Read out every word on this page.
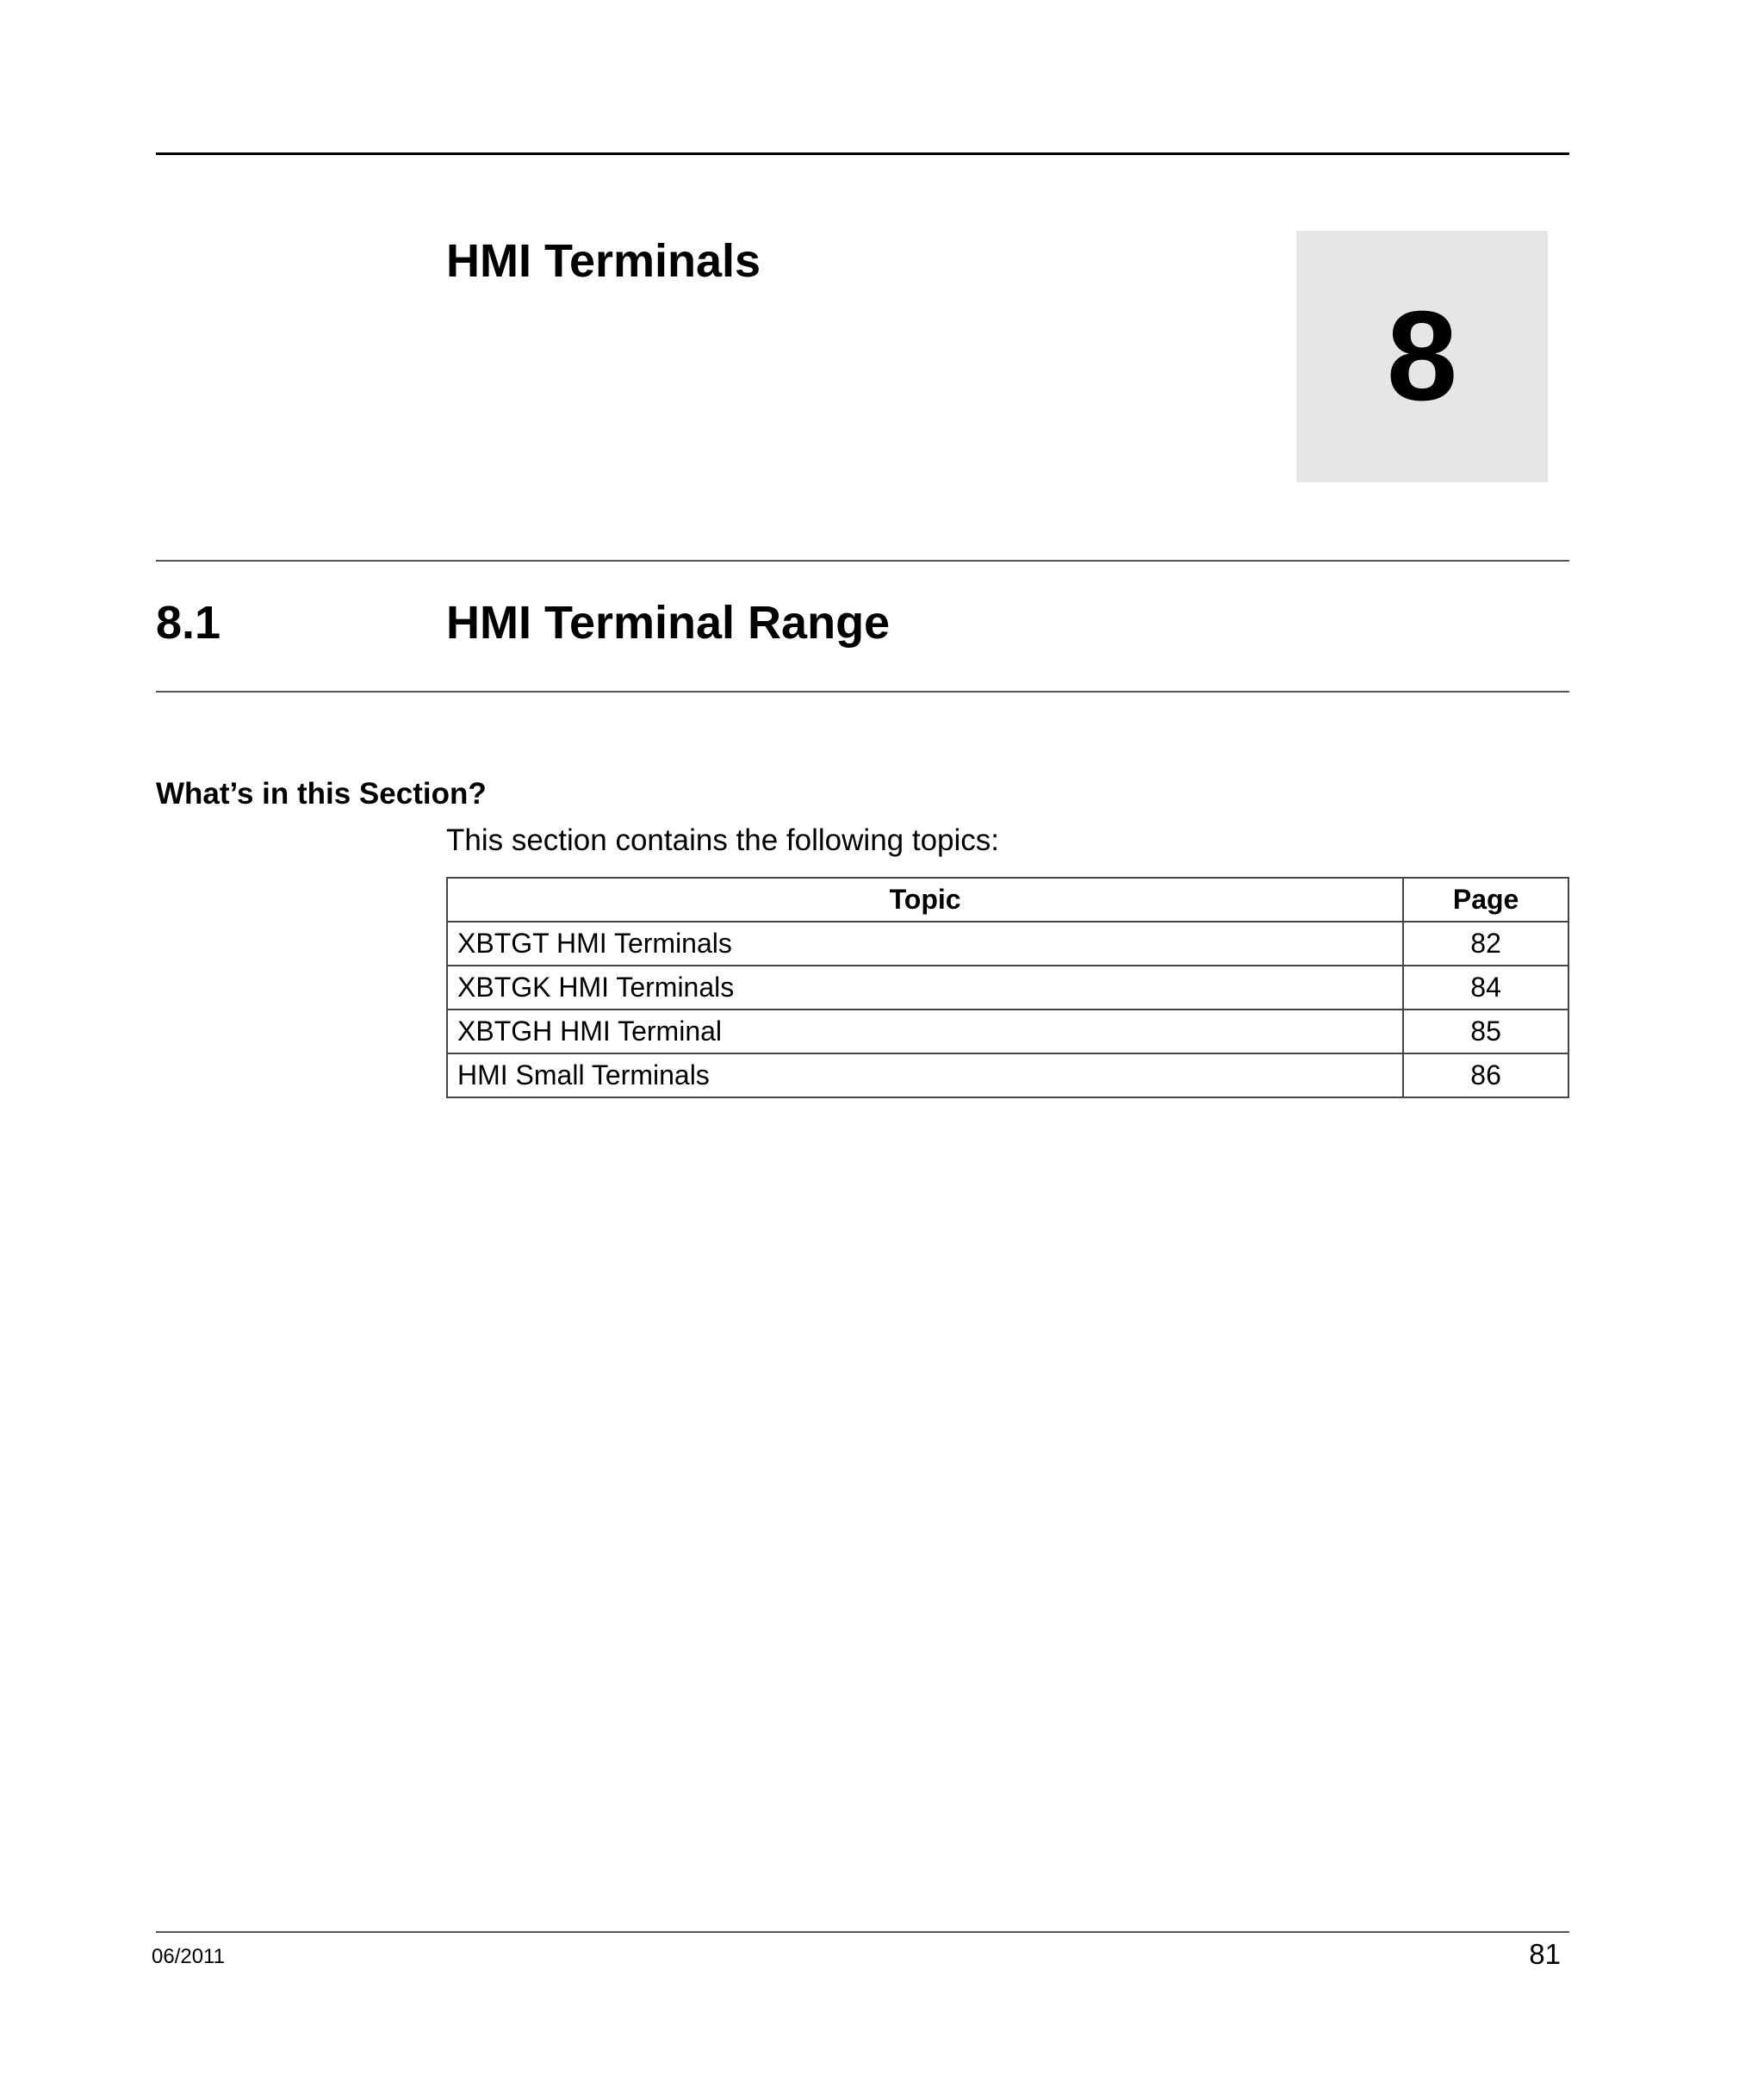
HMI Terminals
8
8.1	HMI Terminal Range
What’s in this Section?
This section contains the following topics:
Topic	Page
XBTGT HMI Terminals	82
XBTGK HMI Terminals	84
XBTGH HMI Terminal	85
HMI Small Terminals	86
06/2011	81
